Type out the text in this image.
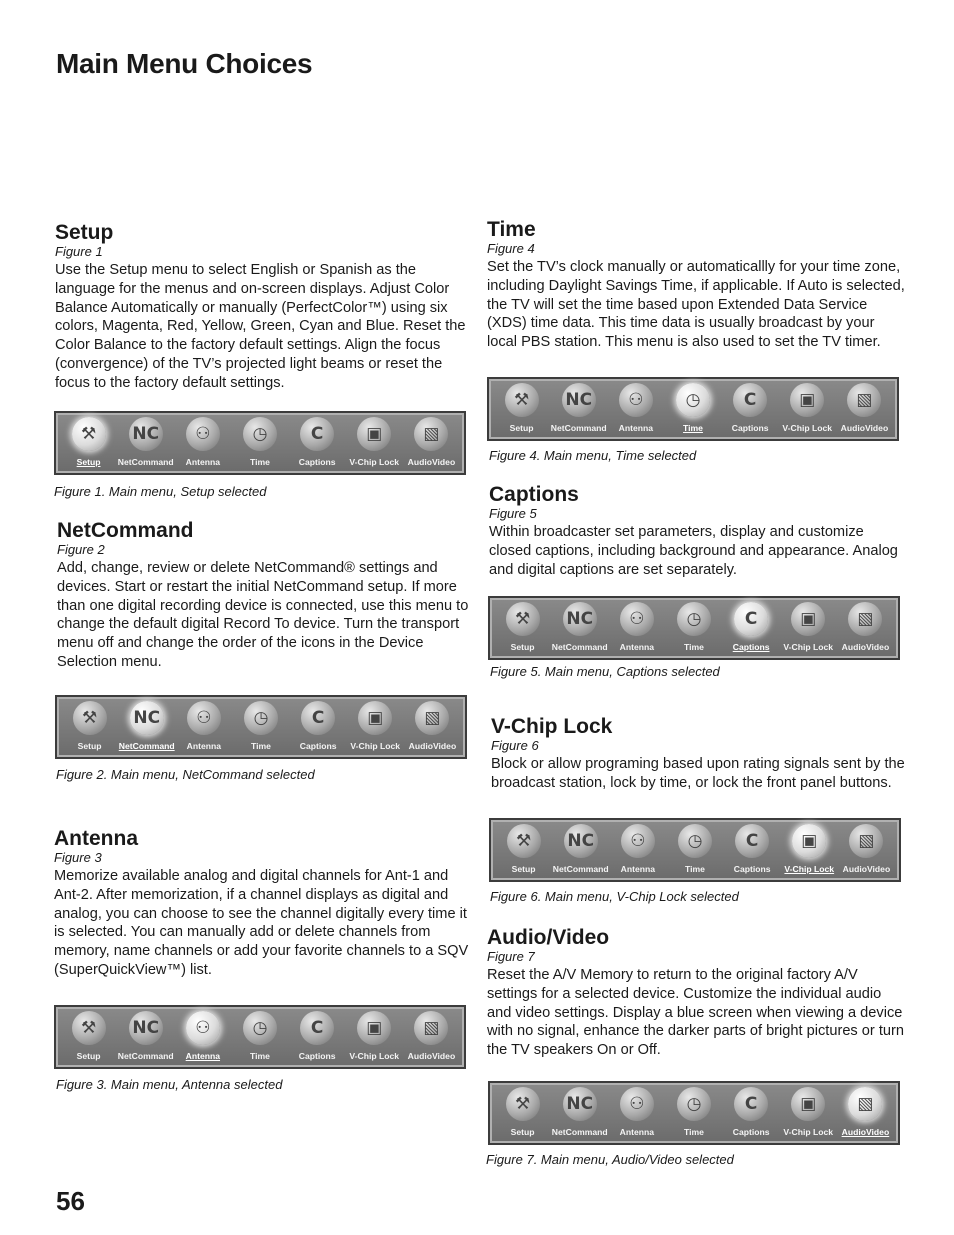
Main Menu Choices
Setup
Figure 1

Use the Setup menu to select English or Spanish as the language for the menus and on-screen displays. Adjust Color Balance Automatically or manually (PerfectColor™) using six colors, Magenta, Red, Yellow, Green, Cyan and Blue. Reset the Color Balance to the factory default settings. Align the focus (convergence) of the TV’s projected light beams or reset the focus to the factory default settings.

⚒
Setup
NC
NetCommand
⚇
Antenna
◷
Time
C
Captions
▣
V-Chip Lock
▧
AudioVideo
Figure 1. Main menu, Setup selected
NetCommand
Figure 2

Add, change, review or delete NetCommand® settings and devices. Start or restart the initial NetCommand setup. If more than one digital recording device is connected, use this menu to change the default digital Record To device. Turn the transport menu off and change the order of the icons in the Device Selection menu.

⚒
Setup
NC
NetCommand
⚇
Antenna
◷
Time
C
Captions
▣
V-Chip Lock
▧
AudioVideo
Figure 2. Main menu, NetCommand selected
Antenna
Figure 3

Memorize available analog and digital channels for Ant-1 and Ant-2. After memorization, if a channel displays as digital and analog, you can choose to see the channel digitally every time it is selected. You can manually add or delete channels from memory, name channels or add your favorite channels to a SQV (SuperQuickView™) list.

⚒
Setup
NC
NetCommand
⚇
Antenna
◷
Time
C
Captions
▣
V-Chip Lock
▧
AudioVideo
Figure 3. Main menu, Antenna selected
Time
Figure 4

Set the TV’s clock manually or automaticallly for your time zone, including Daylight Savings Time, if applicable. If Auto is selected, the TV will set the time based upon Extended Data Service (XDS) time data. This time data is usually broadcast by your local PBS station. This menu is also used to set the TV timer.

⚒
Setup
NC
NetCommand
⚇
Antenna
◷
Time
C
Captions
▣
V-Chip Lock
▧
AudioVideo
Figure 4. Main menu, Time selected
Captions
Figure 5

Within broadcaster set parameters, display and customize closed captions, including background and appearance. Analog and digital captions are set separately.

⚒
Setup
NC
NetCommand
⚇
Antenna
◷
Time
C
Captions
▣
V-Chip Lock
▧
AudioVideo
Figure 5. Main menu, Captions selected
V-Chip Lock
Figure 6

Block or allow programing based upon rating signals sent by the broadcast station, lock by time, or lock the front panel buttons.

⚒
Setup
NC
NetCommand
⚇
Antenna
◷
Time
C
Captions
▣
V-Chip Lock
▧
AudioVideo
Figure 6. Main menu, V-Chip Lock selected
Audio/Video
Figure 7

Reset the A/V Memory to return to the original factory A/V settings for a selected device. Customize the individual audio and video settings. Display a blue screen when viewing a device with no signal, enhance the darker parts of bright pictures or turn the TV speakers On or Off.

⚒
Setup
NC
NetCommand
⚇
Antenna
◷
Time
C
Captions
▣
V-Chip Lock
▧
AudioVideo
Figure 7. Main menu, Audio/Video selected
56
